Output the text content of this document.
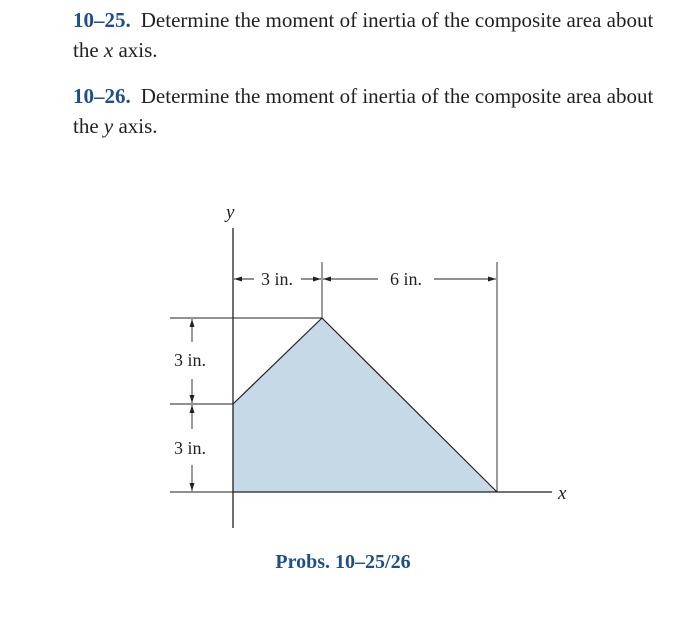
10–25. Determine the moment of inertia of the composite area about the x axis.

10–26. Determine the moment of inertia of the composite area about the y axis.

y
x
3 in.	6 in.
3 in.
3 in.
Probs. 10–25/26
